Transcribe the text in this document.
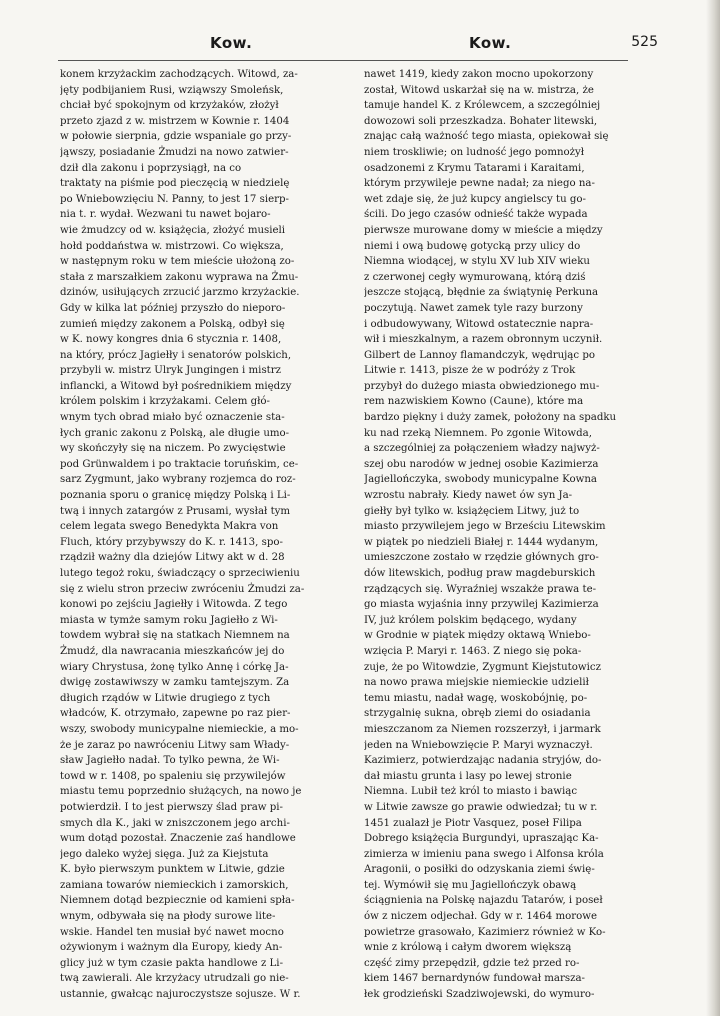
Kow.	Kow.	525
konem krzyżackim zachodzących. Witowd, za-
jęty podbijaniem Rusi, wziąwszy Smoleńsk,
chciał być spokojnym od krzyżaków, złożył
przeto zjazd z w. mistrzem w Kownie r. 1404
w połowie sierpnia, gdzie wspaniale go przy-
jąwszy, posiadanie Żmudzi na nowo zatwier-
dził dla zakonu i poprzysiągł, na co
traktaty na piśmie pod pieczęcią w niedzielę
po Wniebowzięciu N. Panny, to jest 17 sierp-
nia t. r. wydał. Wezwani tu nawet bojaro-
wie żmudzcy od w. książęcia, złożyć musieli
hołd poddaństwa w. mistrzowi. Co większa,
w następnym roku w tem mieście ułożoną zo-
stała z marszałkiem zakonu wyprawa na Żmu-
dzinów, usiłujących zrzucić jarzmo krzyżackie.
Gdy w kilka lat później przyszło do nieporo-
zumień między zakonem a Polską, odbył się
w K. nowy kongres dnia 6 stycznia r. 1408,
na który, prócz Jagiełły i senatorów polskich,
przybyli w. mistrz Ulryk Jungingen i mistrz
inflancki, a Witowd był pośrednikiem między
królem polskim i krzyżakami. Celem głó-
wnym tych obrad miało być oznaczenie sta-
łych granic zakonu z Polską, ale długie umo-
wy skończyły się na niczem. Po zwycięstwie
pod Grünwaldem i po traktacie toruńskim, ce-
sarz Zygmunt, jako wybrany rozjemca do roz-
poznania sporu o granicę między Polską i Li-
twą i innych zatargów z Prusami, wysłał tym
celem legata swego Benedykta Makra von
Fluch, który przybywszy do K. r. 1413, spo-
rządził ważny dla dziejów Litwy akt w d. 28
lutego tegoż roku, świadczący o sprzeciwieniu
się z wielu stron przeciw zwróceniu Żmudzi za-
konowi po zejściu Jagiełły i Witowda. Z tego
miasta w tymże samym roku Jagiełło z Wi-
towdem wybrał się na statkach Niemnem na
Żmudź, dla nawracania mieszkańców jej do
wiary Chrystusa, żonę tylko Annę i córkę Ja-
dwigę zostawiwszy w zamku tamtejszym. Za
długich rządów w Litwie drugiego z tych
władców, K. otrzymało, zapewne po raz pier-
wszy, swobody municypalne niemieckie, a mo-
że je zaraz po nawróceniu Litwy sam Włady-
sław Jagiełło nadał. To tylko pewna, że Wi-
towd w r. 1408, po spaleniu się przywilejów
miastu temu poprzednio służących, na nowo je
potwierdził. I to jest pierwszy ślad praw pi-
smych dla K., jaki w zniszczonem jego archi-
wum dotąd pozostał. Znaczenie zaś handlowe
jego daleko wyżej sięga. Już za Kiejstuta
K. było pierwszym punktem w Litwie, gdzie
zamiana towarów niemieckich i zamorskich,
Niemnem dotąd bezpiecznie od kamieni spła-
wnym, odbywała się na płody surowe lite-
wskie. Handel ten musiał być nawet mocno
ożywionym i ważnym dla Europy, kiedy An-
glicy już w tym czasie pakta handlowe z Li-
twą zawierali. Ale krzyżacy utrudzali go nie-
ustannie, gwałcąc najuroczystsze sojusze. W r.
nawet 1419, kiedy zakon mocno upokorzony
został, Witowd uskarżał się na w. mistrza, że
tamuje handel K. z Królewcem, a szczególniej
dowozowi soli przeszkadza. Bohater litewski,
znając całą ważność tego miasta, opiekował się
niem troskliwie; on ludność jego pomnożył
osadzonemi z Krymu Tatarami i Karaitami,
którym przywileje pewne nadał; za niego na-
wet zdaje się, że już kupcy angielscy tu go-
ścili. Do jego czasów odnieść także wypada
pierwsze murowane domy w mieście a między
niemi i ową budowę gotycką przy ulicy do
Niemna wiodącej, w stylu XV lub XIV wieku
z czerwonej cegły wymurowaną, którą dziś
jeszcze stojącą, błędnie za świątynię Perkuna
poczytują. Nawet zamek tyle razy burzony
i odbudowywany, Witowd ostatecznie napra-
wił i mieszkalnym, a razem obronnym uczynił.
Gilbert de Lannoy flamandczyk, wędrując po
Litwie r. 1413, pisze że w podróży z Trok
przybył do dużego miasta obwiedzionego mu-
rem nazwiskiem Kowno (Caune), które ma
bardzo piękny i duży zamek, położony na spadku
ku nad rzeką Niemnem. Po zgonie Witowda,
a szczególniej za połączeniem władzy najwyż-
szej obu narodów w jednej osobie Kazimierza
Jagiellończyka, swobody municypalne Kowna
wzrostu nabrały. Kiedy nawet ów syn Ja-
giełły był tylko w. książęciem Litwy, już to
miasto przywilejem jego w Brześciu Litewskim
w piątek po niedzieli Białej r. 1444 wydanym,
umieszczone zostało w rzędzie głównych gro-
dów litewskich, podług praw magdeburskich
rządzących się. Wyraźniej wszakże prawa te-
go miasta wyjaśnia inny przywilej Kazimierza
IV, już królem polskim będącego, wydany
w Grodnie w piątek między oktawą Wniebo-
wzięcia P. Maryi r. 1463. Z niego się poka-
zuje, że po Witowdzie, Zygmunt Kiejstutowicz
na nowo prawa miejskie niemieckie udzielił
temu miastu, nadał wagę, woskobójnię, po-
strzygalnię sukna, obręb ziemi do osiadania
mieszczanom za Niemen rozszerzył, i jarmark
jeden na Wniebowzięcie P. Maryi wyznaczył.
Kazimierz, potwierdzając nadania stryjów, do-
dał miastu grunta i lasy po lewej stronie
Niemna. Lubił też król to miasto i bawiąc
w Litwie zawsze go prawie odwiedzał; tu w r.
1451 zualazł je Piotr Vasquez, poseł Filipa
Dobrego książęcia Burgundyi, upraszając Ka-
zimierza w imieniu pana swego i Alfonsa króla
Aragonii, o posiłki do odzyskania ziemi świę-
tej. Wymówił się mu Jagiellończyk obawą
ściągnienia na Polskę najazdu Tatarów, i poseł
ów z niczem odjechał. Gdy w r. 1464 morowe
powietrze grasowało, Kazimierz również w Ko-
wnie z królową i całym dworem większą
część zimy przepędził, gdzie też przed ro-
kiem 1467 bernardynów fundował marsza-
łek grodzieński Szadziwojewski, do wymuro-
